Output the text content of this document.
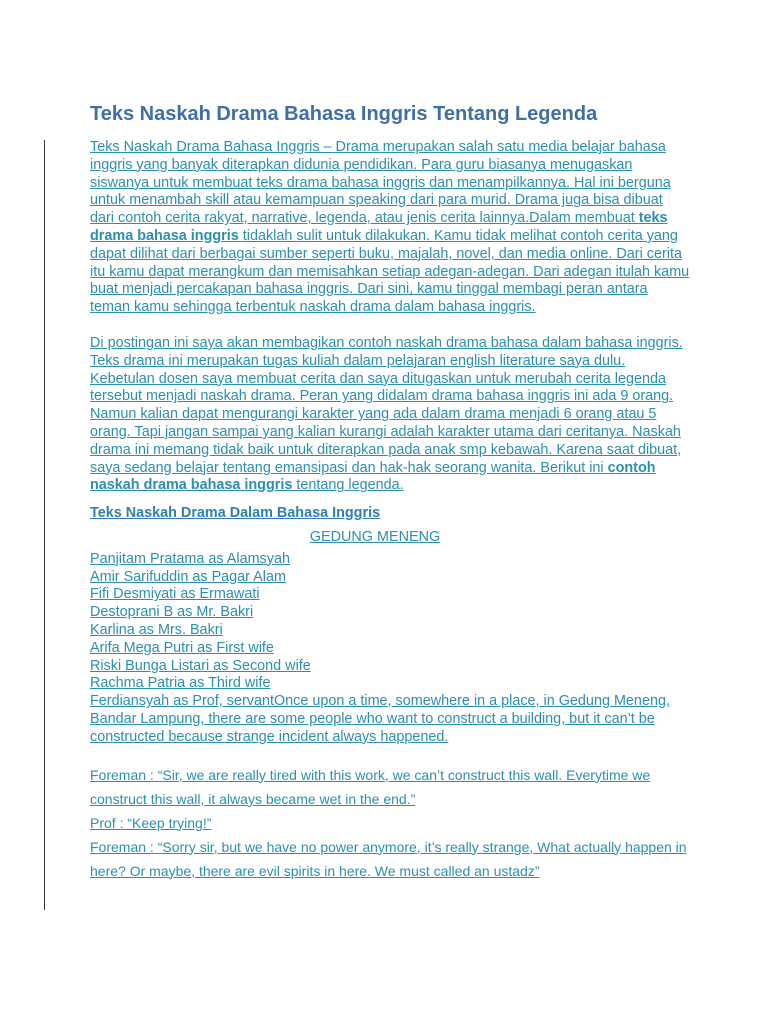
Teks Naskah Drama Bahasa Inggris Tentang Legenda

Teks Naskah Drama Bahasa Inggris – Drama merupakan salah satu media belajar bahasa inggris yang banyak diterapkan didunia pendidikan. Para guru biasanya menugaskan siswanya untuk membuat teks drama bahasa inggris dan menampilkannya. Hal ini berguna untuk menambah skill atau kemampuan speaking dari para murid. Drama juga bisa dibuat dari contoh cerita rakyat, narrative, legenda, atau jenis cerita lainnya.Dalam membuat teks drama bahasa inggris tidaklah sulit untuk dilakukan. Kamu tidak melihat contoh cerita yang dapat dilihat dari berbagai sumber seperti buku, majalah, novel, dan media online. Dari cerita itu kamu dapat merangkum dan memisahkan setiap adegan-adegan. Dari adegan itulah kamu buat menjadi percakapan bahasa inggris. Dari sini, kamu tinggal membagi peran antara teman kamu sehingga terbentuk naskah drama dalam bahasa inggris.

Di postingan ini saya akan membagikan contoh naskah drama bahasa dalam bahasa inggris. Teks drama ini merupakan tugas kuliah dalam pelajaran english literature saya dulu. Kebetulan dosen saya membuat cerita dan saya ditugaskan untuk merubah cerita legenda tersebut menjadi naskah drama. Peran yang didalam drama bahasa inggris ini ada 9 orang. Namun kalian dapat mengurangi karakter yang ada dalam drama menjadi 6 orang atau 5 orang. Tapi jangan sampai yang kalian kurangi adalah karakter utama dari ceritanya. Naskah drama ini memang tidak baik untuk diterapkan pada anak smp kebawah. Karena saat dibuat, saya sedang belajar tentang emansipasi dan hak-hak seorang wanita. Berikut ini contoh naskah drama bahasa inggris tentang legenda.

Teks Naskah Drama Dalam Bahasa Inggris

GEDUNG MENENG

Panjitam Pratama as Alamsyah
Amir Sarifuddin as Pagar Alam
Fifi Desmiyati as Ermawati
Destoprani B as Mr. Bakri
Karlina as Mrs. Bakri
Arifa Mega Putri as First wife
Riski Bunga Listari as Second wife
Rachma Patria as Third wife
Ferdiansyah as Prof, servantOnce upon a time, somewhere in a place, in Gedung Meneng, Bandar Lampung, there are some people who want to construct a building, but it can’t be constructed because strange incident always happened.

Foreman : “Sir, we are really tired with this work, we can’t construct this wall. Everytime we construct this wall, it always became wet in the end.”

Prof : “Keep trying!”

Foreman : “Sorry sir, but we have no power anymore, it’s really strange, What actually happen in here? Or maybe, there are evil spirits in here. We must called an ustadz”
